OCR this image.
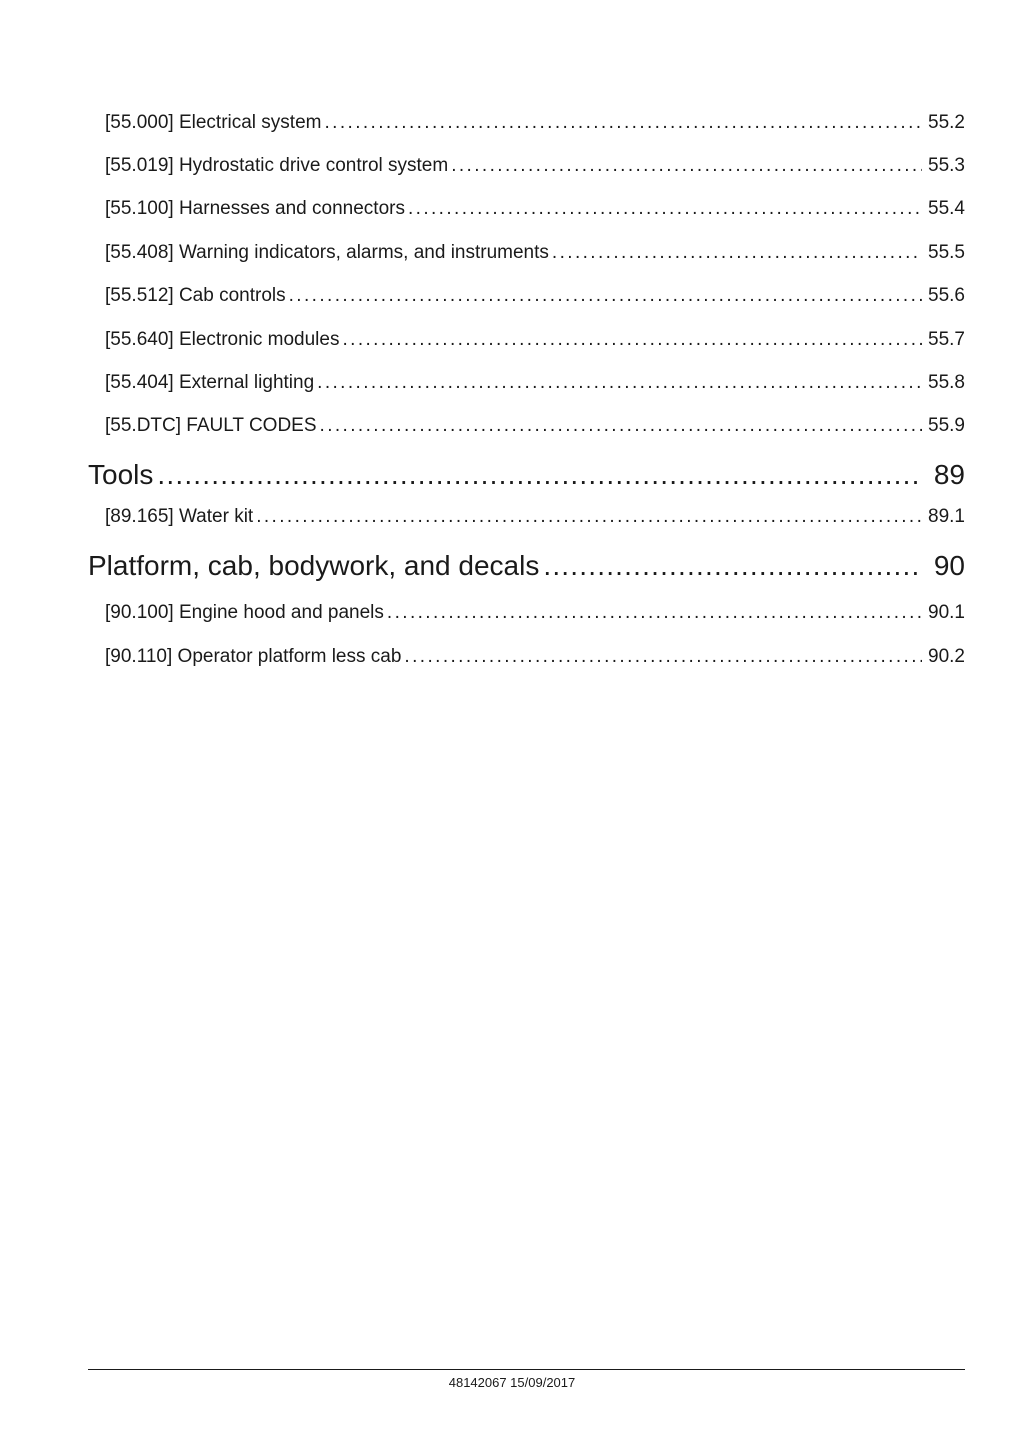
[55.000] Electrical system .....	55.2
[55.019] Hydrostatic drive control system .....	55.3
[55.100] Harnesses and connectors .....	55.4
[55.408] Warning indicators, alarms, and instruments .....	55.5
[55.512] Cab controls .....	55.6
[55.640] Electronic modules .....	55.7
[55.404] External lighting .....	55.8
[55.DTC] FAULT CODES .....	55.9
Tools .....	89
[89.165] Water kit .....	89.1
Platform, cab, bodywork, and decals .....	90
[90.100] Engine hood and panels .....	90.1
[90.110] Operator platform less cab .....	90.2
48142067 15/09/2017
